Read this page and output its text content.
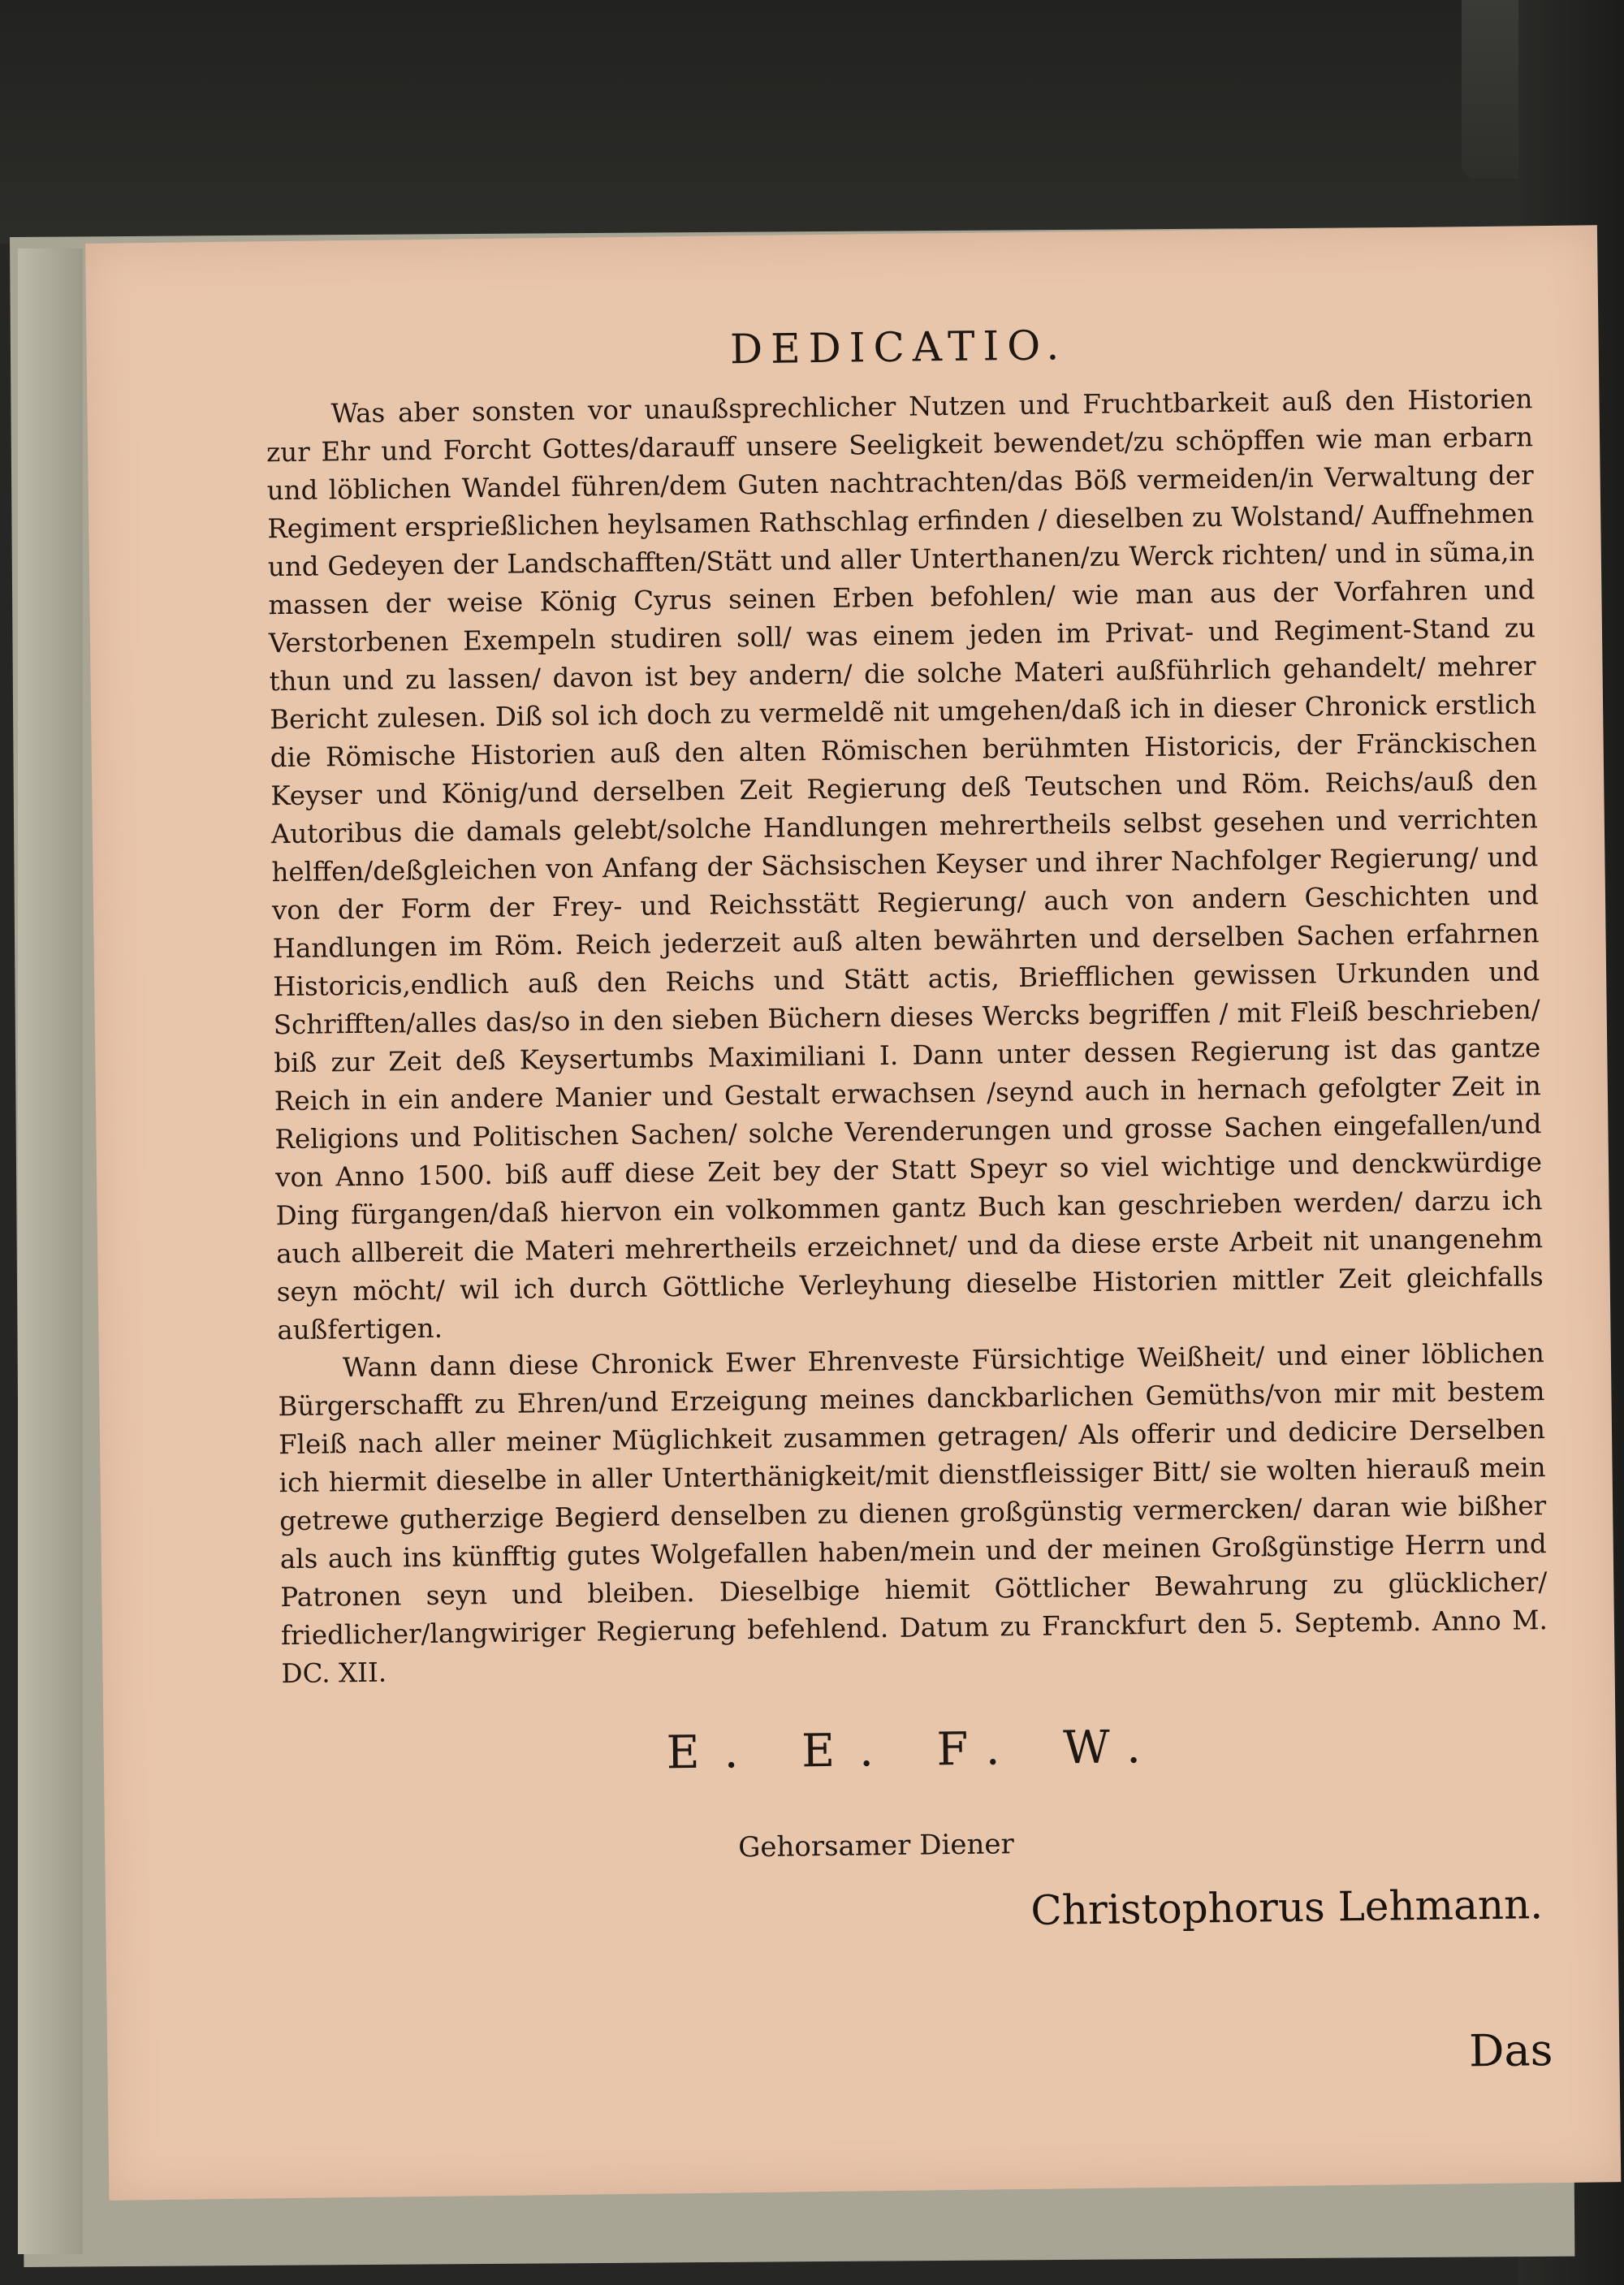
DEDICATIO.

Was aber sonsten vor unaußsprechlicher Nutzen und Fruchtbarkeit auß den Historien zur Ehr und Forcht Gottes/darauff unsere Seeligkeit bewendet/zu schöpffen wie man erbarn und löblichen Wandel führen/dem Guten nachtrachten/das Böß vermeiden/in Verwaltung der Regiment ersprießlichen heylsamen Rathschlag erfinden / dieselben zu Wolstand/ Auffnehmen und Gedeyen der Landschafften/Stätt und aller Unterthanen/zu Werck richten/ und in sũma,in massen der weise König Cyrus seinen Erben befohlen/ wie man aus der Vorfahren und Verstorbenen Exempeln studiren soll/ was einem jeden im Privat- und Regiment-Stand zu thun und zu lassen/ davon ist bey andern/ die solche Materi außführlich gehandelt/ mehrer Bericht zulesen. Diß sol ich doch zu vermeldẽ nit umgehen/daß ich in dieser Chronick erstlich die Römische Historien auß den alten Römischen berühmten Historicis, der Fränckischen Keyser und König/und derselben Zeit Regierung deß Teutschen und Röm. Reichs/auß den Autoribus die damals gelebt/solche Handlungen mehrertheils selbst gesehen und verrichten helffen/deßgleichen von Anfang der Sächsischen Keyser und ihrer Nachfolger Regierung/ und von der Form der Frey- und Reichsstätt Regierung/ auch von andern Geschichten und Handlungen im Röm. Reich jederzeit auß alten bewährten und derselben Sachen erfahrnen Historicis,endlich auß den Reichs und Stätt actis, Briefflichen gewissen Urkunden und Schrifften/alles das/so in den sieben Büchern dieses Wercks begriffen / mit Fleiß beschrieben/ biß zur Zeit deß Keysertumbs Maximiliani I. Dann unter dessen Regierung ist das gantze Reich in ein andere Manier und Gestalt erwachsen /seynd auch in hernach gefolgter Zeit in Religions und Politischen Sachen/ solche Verenderungen und grosse Sachen eingefallen/und von Anno 1500. biß auff diese Zeit bey der Statt Speyr so viel wichtige und denckwürdige Ding fürgangen/daß hiervon ein volkommen gantz Buch kan geschrieben werden/ darzu ich auch allbereit die Materi mehrertheils erzeichnet/ und da diese erste Arbeit nit unangenehm seyn möcht/ wil ich durch Göttliche Verleyhung dieselbe Historien mittler Zeit gleichfalls außfertigen.

Wann dann diese Chronick Ewer Ehrenveste Fürsichtige Weißheit/ und einer löblichen Bürgerschafft zu Ehren/und Erzeigung meines danckbarlichen Gemüths/von mir mit bestem Fleiß nach aller meiner Müglichkeit zusammen getragen/ Als offerir und dedicire Derselben ich hiermit dieselbe in aller Unterthänigkeit/mit dienstfleissiger Bitt/ sie wolten hierauß mein getrewe gutherzige Begierd denselben zu dienen großgünstig vermercken/ daran wie bißher als auch ins künfftig gutes Wolgefallen haben/mein und der meinen Großgünstige Herrn und Patronen seyn und bleiben. Dieselbige hiemit Göttlicher Bewahrung zu glücklicher/ friedlicher/langwiriger Regierung befehlend. Datum zu Franckfurt den 5. Septemb. Anno M. DC. XII.

E. E. F. W.
Gehorsamer Diener
Christophorus Lehmann.
Das
